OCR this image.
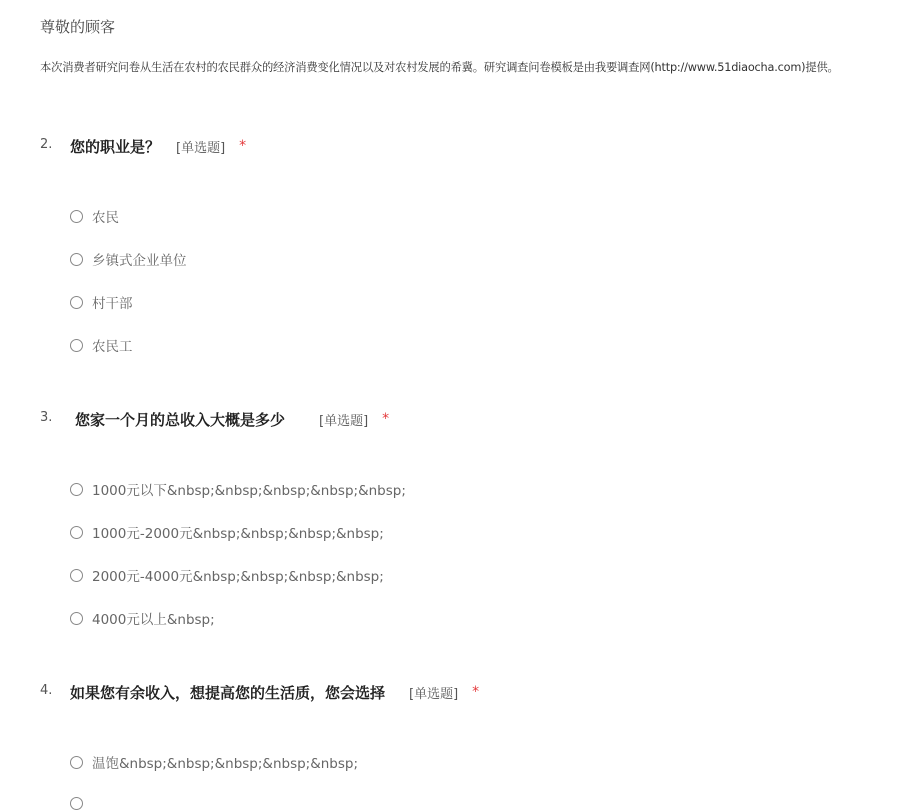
尊敬的顾客
本次消费者研究问卷从生活在农村的农民群众的经济消费变化情况以及对农村发展的希冀。研究调查问卷模板是由我要调查网(http://www.51diaocha.com)提供。
2. 您的职业是？ [单选题] *
农民
乡镇式企业单位
村干部
农民工
3. 您家一个月的总收入大概是多少	[单选题] *
1000元以下&nbsp;&nbsp;&nbsp;&nbsp;&nbsp;
1000元-2000元&nbsp;&nbsp;&nbsp;&nbsp;
2000元-4000元&nbsp;&nbsp;&nbsp;&nbsp;
4000元以上&nbsp;
4. 如果您有余收入，想提高您的生活质，您会选择 [单选题] *
温饱&nbsp;&nbsp;&nbsp;&nbsp;&nbsp;
